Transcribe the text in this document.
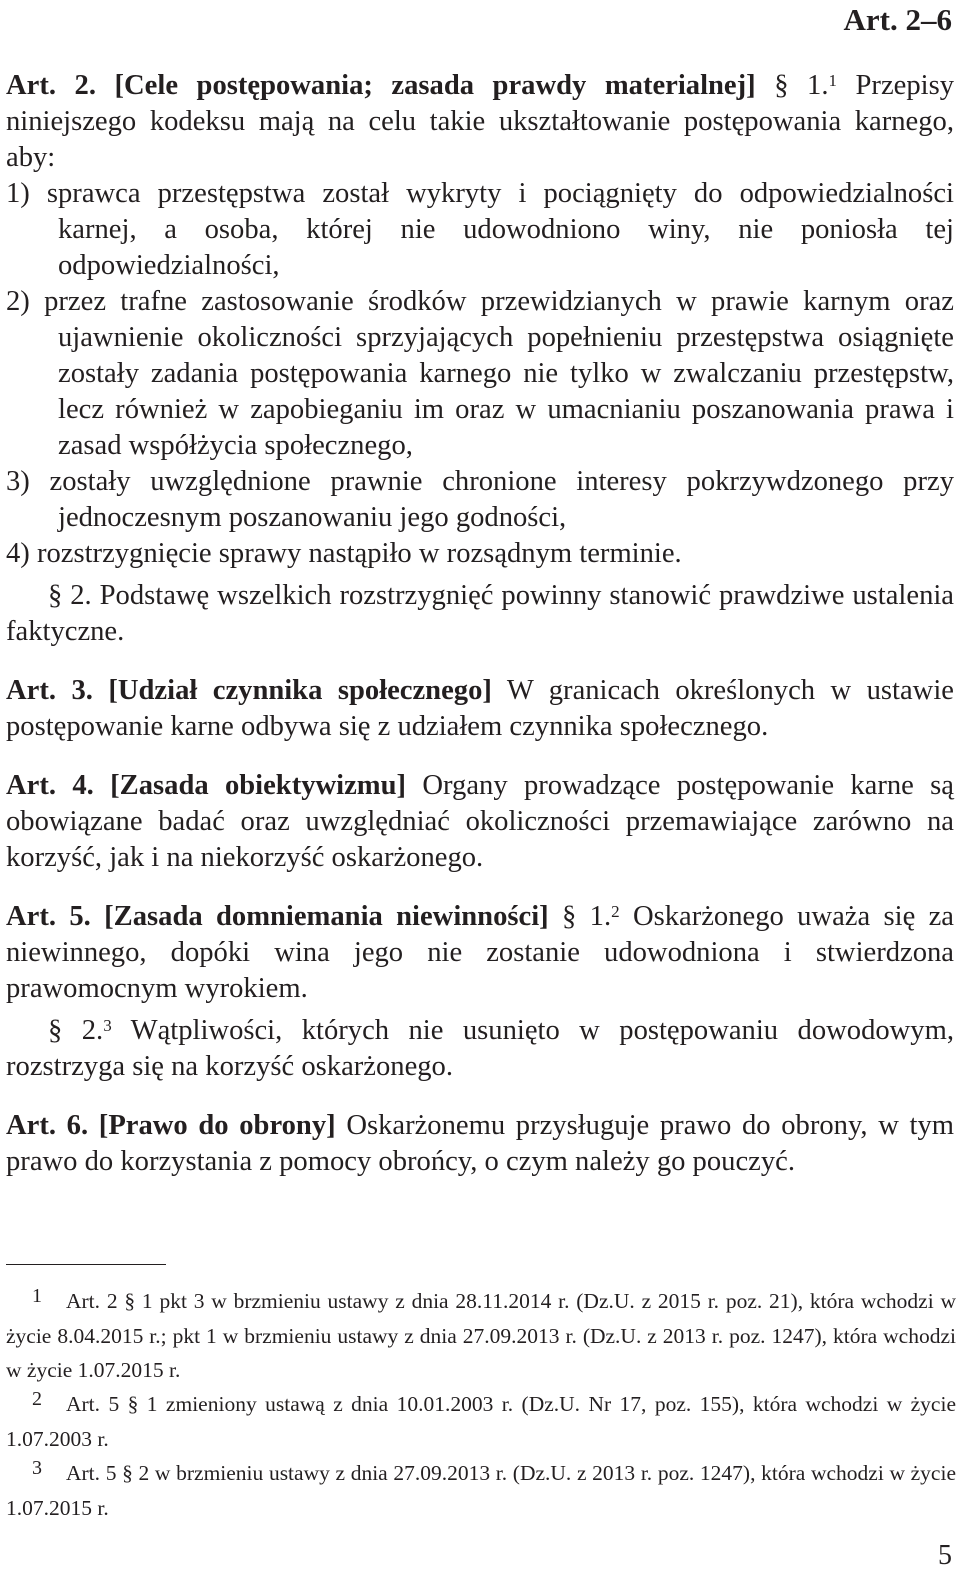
Art. 2–6

Art. 2. [Cele postępowania; zasada prawdy materialnej] § 1.$^1$ Przepisy niniejszego kodeksu mają na celu takie ukształtowanie postępowania karnego, aby:

1) sprawca przestępstwa został wykryty i pociągnięty do odpowiedzialności karnej, a osoba, której nie udowodniono winy, nie poniosła tej odpowiedzialności,

2) przez trafne zastosowanie środków przewidzianych w prawie karnym oraz ujawnienie okoliczności sprzyjających popełnieniu przestępstwa osiągnięte zostały zadania postępowania karnego nie tylko w zwalczaniu przestępstw, lecz również w zapobieganiu im oraz w umacnianiu poszanowania prawa i zasad współżycia społecznego,

3) zostały uwzględnione prawnie chronione interesy pokrzywdzonego przy jednoczesnym poszanowaniu jego godności,

4) rozstrzygnięcie sprawy nastąpiło w rozsądnym terminie.

§ 2. Podstawę wszelkich rozstrzygnięć powinny stanowić prawdziwe ustalenia faktyczne.

Art. 3. [Udział czynnika społecznego] W granicach określonych w ustawie postępowanie karne odbywa się z udziałem czynnika społecznego.

Art. 4. [Zasada obiektywizmu] Organy prowadzące postępowanie karne są obowiązane badać oraz uwzględniać okoliczności przemawiające zarówno na korzyść, jak i na niekorzyść oskarżonego.

Art. 5. [Zasada domniemania niewinności] § 1.$^2$ Oskarżonego uważa się za niewinnego, dopóki wina jego nie zostanie udowodniona i stwierdzona prawomocnym wyrokiem.

§ 2.$^3$ Wątpliwości, których nie usunięto w postępowaniu dowodowym, rozstrzyga się na korzyść oskarżonego.

Art. 6. [Prawo do obrony] Oskarżonemu przysługuje prawo do obrony, w tym prawo do korzystania z pomocy obrońcy, o czym należy go pouczyć.

1 Art. 2 § 1 pkt 3 w brzmieniu ustawy z dnia 28.11.2014 r. (Dz.U. z 2015 r. poz. 21), która wchodzi w życie 8.04.2015 r.; pkt 1 w brzmieniu ustawy z dnia 27.09.2013 r. (Dz.U. z 2013 r. poz. 1247), która wchodzi w życie 1.07.2015 r.

2 Art. 5 § 1 zmieniony ustawą z dnia 10.01.2003 r. (Dz.U. Nr 17, poz. 155), która wchodzi w życie 1.07.2003 r.

3 Art. 5 § 2 w brzmieniu ustawy z dnia 27.09.2013 r. (Dz.U. z 2013 r. poz. 1247), która wchodzi w życie 1.07.2015 r.

5
